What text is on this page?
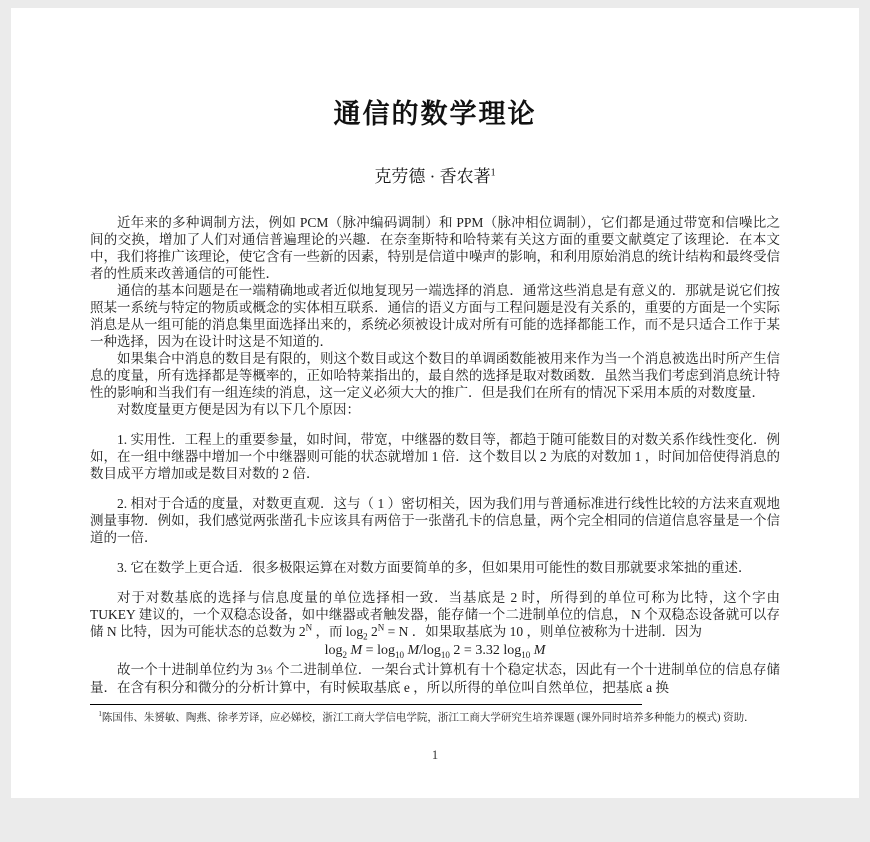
通信的数学理论
克劳德 · 香农著$^1$

近年来的多种调制方法，例如 PCM（脉冲编码调制）和 PPM（脉冲相位调制），它们都是通过带宽和信噪比之间的交换，增加了人们对通信普遍理论的兴趣．在奈奎斯特和哈特莱有关这方面的重要文献奠定了该理论．在本文中，我们将推广该理论，使它含有一些新的因素，特别是信道中噪声的影响，和利用原始消息的统计结构和最终受信者的性质来改善通信的可能性．

通信的基本问题是在一端精确地或者近似地复现另一端选择的消息．通常这些消息是有意义的．那就是说它们按照某一系统与特定的物质或概念的实体相互联系．通信的语义方面与工程问题是没有关系的，重要的方面是一个实际消息是从一组可能的消息集里面选择出来的，系统必须被设计成对所有可能的选择都能工作，而不是只适合工作于某一种选择，因为在设计时这是不知道的．

如果集合中消息的数目是有限的，则这个数目或这个数目的单调函数能被用来作为当一个消息被选出时所产生信息的度量，所有选择都是等概率的，正如哈特莱指出的，最自然的选择是取对数函数．虽然当我们考虑到消息统计特性的影响和当我们有一组连续的消息，这一定义必须大大的推广．但是我们在所有的情况下采用本质的对数度量．

对数度量更方便是因为有以下几个原因：

1. 实用性．工程上的重要参量，如时间，带宽，中继器的数目等，都趋于随可能数目的对数关系作线性变化．例如，在一组中继器中增加一个中继器则可能的状态就增加 1 倍．这个数目以 2 为底的对数加 1 ，时间加倍使得消息的数目成平方增加或是数目对数的 2 倍．

2. 相对于合适的度量，对数更直观．这与（ 1 ）密切相关，因为我们用与普通标准进行线性比较的方法来直观地测量事物．例如，我们感觉两张凿孔卡应该具有两倍于一张凿孔卡的信息量，两个完全相同的信道信息容量是一个信道的一倍．

3. 它在数学上更合适．很多极限运算在对数方面要简单的多，但如果用可能性的数目那就要求笨拙的重述．

对于对数基底的选择与信息度量的单位选择相一致．当基底是 2 时，所得到的单位可称为比特，这个字由 TUKEY 建议的，一个双稳态设备，如中继器或者触发器，能存储一个二进制单位的信息， N 个双稳态设备就可以存储 N 比特，因为可能状态的总数为 $2^N$ ，而 $\log_2 2^N = N$ ．如果取基底为 10 ，则单位被称为十进制．因为

$\log_2 M = \log_{10} M/\log_{10}$ 2 = 3.32 $\log_{10} M$

故一个十进制单位约为 3⅓ 个二进制单位．一架台式计算机有十个稳定状态，因此有一个十进制单位的信息存储量．在含有积分和微分的分析计算中，有时候取基底 e ，所以所得的单位叫自然单位，把基底 a 换

$^1$陈国伟、朱赟敏、陶燕、徐孝芳译，应必娣校，浙江工商大学信电学院，浙江工商大学研究生培养课题 (课外同时培养多种能力的模式) 资助．

1
